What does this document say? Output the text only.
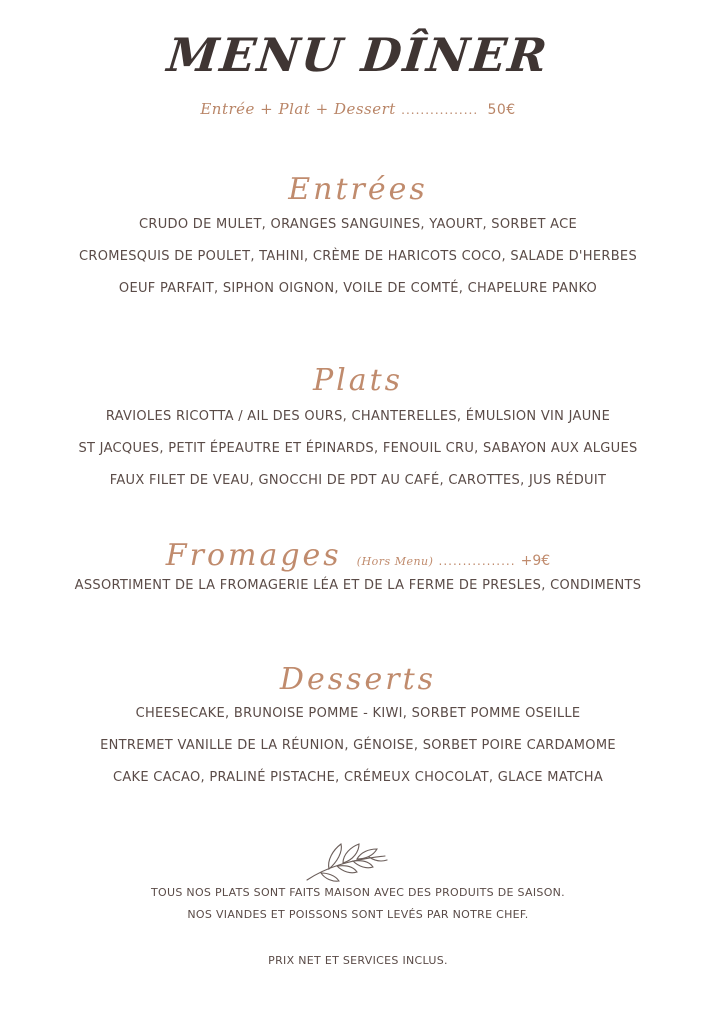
MENU DÎNER
Entrée + Plat + Dessert ................ 50€
Entrées
CRUDO DE MULET, ORANGES SANGUINES, YAOURT, SORBET ACE
CROMESQUIS DE POULET, TAHINI, CRÈME DE HARICOTS COCO, SALADE D'HERBES
OEUF PARFAIT, SIPHON OIGNON, VOILE DE COMTÉ, CHAPELURE PANKO
Plats
RAVIOLES RICOTTA / AIL DES OURS, CHANTERELLES, ÉMULSION VIN JAUNE
ST JACQUES, PETIT ÉPEAUTRE ET ÉPINARDS, FENOUIL CRU, SABAYON AUX ALGUES
FAUX FILET DE VEAU, GNOCCHI DE PDT AU CAFÉ, CAROTTES, JUS RÉDUIT
Fromages (Hors Menu) ................ +9€
ASSORTIMENT DE LA FROMAGERIE LÉA ET DE LA FERME DE PRESLES, CONDIMENTS
Desserts
CHEESECAKE, BRUNOISE POMME - KIWI, SORBET POMME OSEILLE
ENTREMET VANILLE DE LA RÉUNION, GÉNOISE, SORBET POIRE CARDAMOME
CAKE CACAO, PRALINÉ PISTACHE, CRÉMEUX CHOCOLAT, GLACE MATCHA
TOUS NOS PLATS SONT FAITS MAISON AVEC DES PRODUITS DE SAISON.
NOS VIANDES ET POISSONS SONT LEVÉS PAR NOTRE CHEF.
PRIX NET ET SERVICES INCLUS.
